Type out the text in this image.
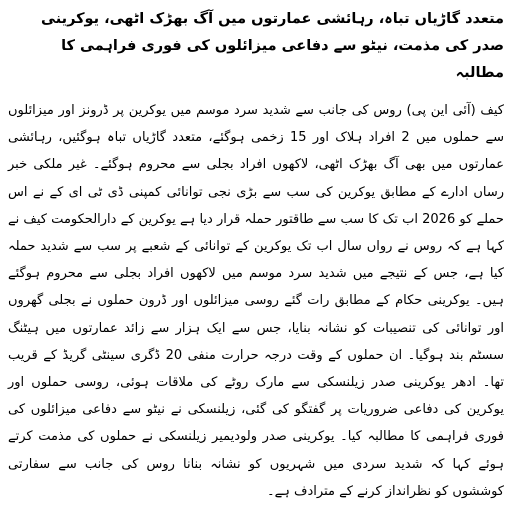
متعدد گاڑیاں تباہ، رہائشی عمارتوں میں آگ بھڑک اٹھی، یوکرینی صدر کی مذمت، نیٹو سے دفاعی میزائلوں کی فوری فراہمی کا مطالبہ

کیف (آئی این پی) روس کی جانب سے شدید سرد موسم میں یوکرین پر ڈرونز اور میزائلوں سے حملوں میں 2 افراد ہلاک اور 15 زخمی ہوگئے، متعدد گاڑیاں تباہ ہوگئیں، رہائشی عمارتوں میں بھی آگ بھڑک اٹھی، لاکھوں افراد بجلی سے محروم ہوگئے۔ غیر ملکی خبر رساں ادارے کے مطابق یوکرین کی سب سے بڑی نجی توانائی کمپنی ڈی ٹی ای کے نے اس حملے کو 2026 اب تک کا سب سے طاقتور حملہ قرار دیا ہے یوکرین کے دارالحکومت کیف نے کہا ہے کہ روس نے رواں سال اب تک یوکرین کے توانائی کے شعبے پر سب سے شدید حملہ کیا ہے، جس کے نتیجے میں شدید سرد موسم میں لاکھوں افراد بجلی سے محروم ہوگئے ہیں۔ یوکرینی حکام کے مطابق رات گئے روسی میزائلوں اور ڈرون حملوں نے بجلی گھروں اور توانائی کی تنصیبات کو نشانہ بنایا، جس سے ایک ہزار سے زائد عمارتوں میں ہیٹنگ سسٹم بند ہوگیا۔ ان حملوں کے وقت درجہ حرارت منفی 20 ڈگری سینٹی گریڈ کے قریب تھا۔ ادھر یوکرینی صدر زیلنسکی سے مارک روٹے کی ملاقات ہوئی، روسی حملوں اور یوکرین کی دفاعی ضروریات پر گفتگو کی گئی، زیلنسکی نے نیٹو سے دفاعی میزائلوں کی فوری فراہمی کا مطالبہ کیا۔ یوکرینی صدر ولودیمیر زیلنسکی نے حملوں کی مذمت کرتے ہوئے کہا کہ شدید سردی میں شہریوں کو نشانہ بنانا روس کی جانب سے سفارتی کوششوں کو نظرانداز کرنے کے مترادف ہے۔
